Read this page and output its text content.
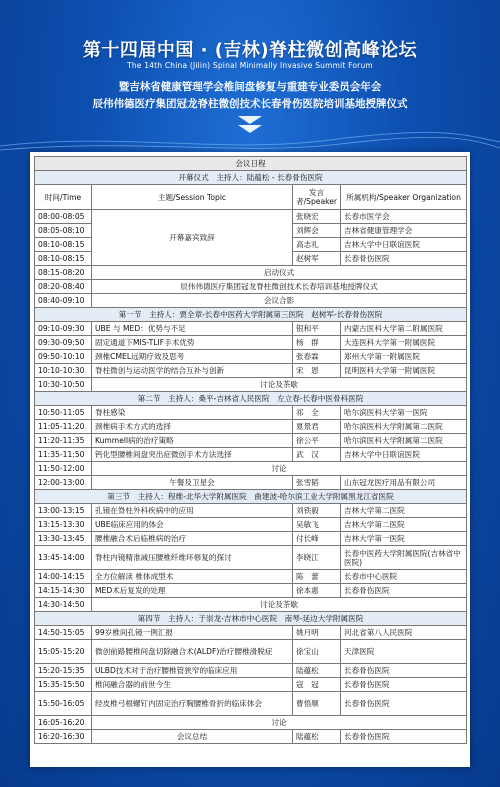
第十四届中国 · (吉林)脊柱微创高峰论坛
The 14th China (Jilin) Spinal Minimally Invasive Summit Forum
暨吉林省健康管理学会椎间盘修复与重建专业委员会年会
辰伟伟德医疗集团冠龙脊柱微创技术长春骨伤医院培训基地授牌仪式
会议日程			
开幕仪式　主持人：陆蕴松 - 长春骨伤医院			
时间/Time	主题/Session Topic	发言者/Speaker	所属机构/Speaker Organization
08:00-08:05	开幕嘉宾致辞	张晓宏	长春市医学会
08:05-08:10		刘辉会	吉林省健康管理学会
08:10-08:15		高志礼	吉林大学中日联谊医院
08:10-08:15		赵树军	长春骨伤医院
08:15-08:20	启动仪式		
08:20-08:40	辰伟伟德医疗集团冠龙脊柱微创技术长春培训基地授牌仪式		
08:40-09:10	会议合影		
第一节　主持人：贾全章-长春中医药大学附属第三医院　赵树军-长春骨伤医院			
09:10-09:30	UBE 与 MED：优势与不足	银和平	内蒙古医科大学第二附属医院
09:30-09:50	固定通道下MIS-TLIF手术优势	杨　群	大连医科大学第一附属医院
09:50-10:10	颈椎CMEL远期疗效及思考	张春霖	郑州大学第一附属医院
10:10-10:30	脊柱微创与运动医学的结合互补与创新	宋　恩	昆明医科大学第一附属医院
10:30-10:50	讨论及茶歇		
第二节　主持人：桑平-吉林省人民医院　左立春-长春中医骨科医院			
10:50-11:05	脊柱感染	祁　全	哈尔滨医科大学第一医院
11:05-11:20	颈椎病手术方式的选择	夏景君	哈尔滨医科大学附属第二医院
11:20-11:35	Kummell病的治疗策略	徐公平	哈尔滨医科大学附属第二医院
11:35-11:50	钙化型腰椎间盘突出症微创手术方法选择	武　汉	吉林大学中日联谊医院
11:50-12:00	讨论		
12:00-13:00	午餐及卫星会	张雪韬	山东冠龙医疗用品有限公司
第三节　主持人：程维-北华大学附属医院　曲建波-哈尔滨工业大学附属黑龙江省医院			
13:00-13:15	孔镜在脊柱外科疾病中的应用	刘铁毅	吉林大学第二医院
13:15-13:30	UBE临床应用的体会	吴敏飞	吉林大学第二医院
13:30-13:45	腰椎融合术后临椎病的治疗	付长峰	吉林大学第一医院
13:45-14:00	脊柱内镜精准减压腰椎纤维环修复的探讨	李晓江	长春中医药大学附属医院(吉林省中医院)
14:00-14:15	全方位解读 椎体成型术	陈　蕾	长春市中心医院
14:15-14:30	MED术后复发的处理	徐本惠	长春骨伤医院
14:30-14:50	讨论及茶歇		
第四节　主持人：于崇龙-吉林市中心医院　南琴-延边大学附属医院			
14:50-15:05	99岁椎间孔镜一例汇报	姚月明	河北省第八人民医院
15:05-15:20	微创前路腰椎间盘切除融合术(ALDF)治疗腰椎滑脱症	徐宝山	天津医院
15:20-15:35	ULBD技术对于治疗腰椎管狭窄的临床应用	陆蕴松	长春骨伤医院
15:35-15:50	椎间融合器的前世今生	寇　冠	长春骨伤医院
15:50-16:05	经皮椎弓根螺钉内固定治疗胸腰椎骨折的临床体会	曹悟顺	长春骨伤医院
16:05-16:20	讨论		
16:20-16:30	会议总结	陆蕴松	长春骨伤医院
